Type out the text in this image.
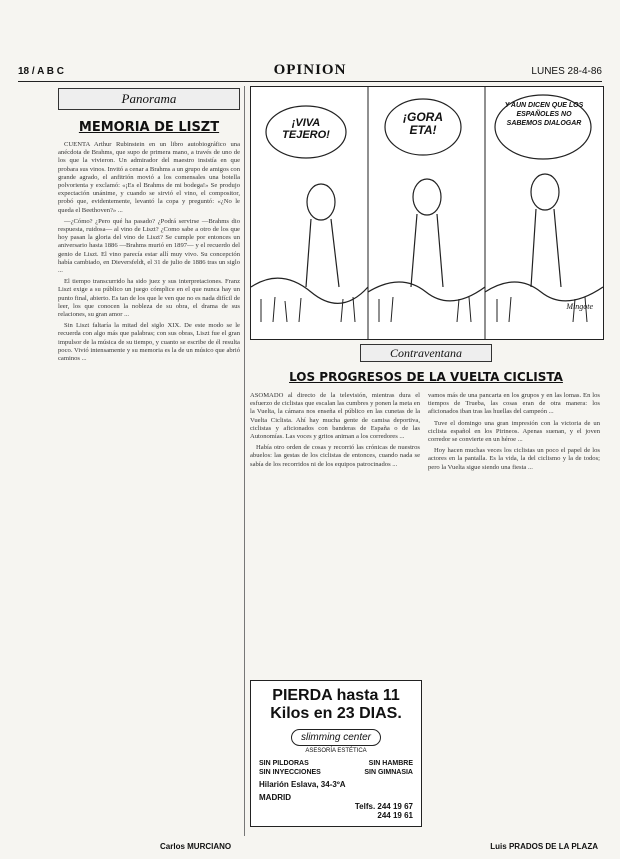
18 / A B C	OPINION	LUNES 28-4-86
Panorama
MEMORIA DE LISZT

CUENTA Arthur Rubinstein en un libro autobiográfico una anécdota de Brahms, que supo de primera mano, a través de uno de los que la vivieron. Un admirador del maestro insistía en que probara sus vinos. Invitó a cenar a Brahms a un grupo de amigos con grande agrado, el anfitrión movió a los comensales una botella polvorienta y exclamó: «¡Es el Brahms de mi bodega!» Se produjo expectación unánime, y cuando se sirvió el vino, el compositor, probó que, evidentemente, levantó la copa y preguntó: «¿No le queda el Beethoven?» ...

—¿Cómo? ¿Pero qué ha pasado? ¿Podrá servirse —Brahms dio respuesta, ruidosa— al vino de Liszt? ¿Como sabe a otro de los que hoy pasan la gloria del vino de Liszt? Se cumple por entonces un aniversario hasta 1886 —Brahms murió en 1897— y el recuerdo del genio de Liszt. El vino parecía estar allí muy vivo. Su concepción había cambiado, en Dieversfeldt, el 31 de julio de 1886 tras un siglo ...

El tiempo transcurrido ha sido juez y sus interpretaciones. Franz Liszt exige a su público un juego cómplice en el que nunca hay un punto final, abierto. Es tan de los que le ven que no es nada difícil de leer, los que conocen la nobleza de su obra, el drama de sus relaciones, su gran amor ...

Sin Liszt faltaría la mitad del siglo XIX. De este modo se le recuerda con algo más que palabras; con sus obras, Liszt fue el gran impulsor de la música de su tiempo, y cuanto se escribe de él resulta poco. Vivió intensamente y su memoria es la de un músico que abrió caminos ...

Carlos MURCIANO
¡VIVA TEJERO!
¡GORA ETA!
Y AUN DICEN QUE LOS ESPAÑOLES NO SABEMOS DIALOGAR
Mingote
Contraventana
LOS PROGRESOS DE LA VUELTA CICLISTA

ASOMADO al directo de la televisión, mientras dura el esfuerzo de ciclistas que escalan las cumbres y ponen la meta en la Vuelta, la cámara nos enseña el público en las cunetas de la Vuelta Ciclista. Ahí hay mucha gente de camisa deportiva, ciclistas y aficionados con banderas de España o de las Autonomías. Las voces y gritos animan a los corredores ...

Había otro orden de cosas y recorrió las crónicas de nuestros abuelos: las gestas de los ciclistas de entonces, cuando nada se sabía de los recorridos ni de los equipos patrocinados ...

vamos más de una pancarta en los grupos y en las lomas. En los tiempos de Trueba, las cosas eran de otra manera: los aficionados iban tras las huellas del campeón ...

Tuve el domingo una gran impresión con la victoria de un ciclista español en los Pirineos. Apenas suenan, y el joven corredor se convierte en un héroe ...

Hoy hacen muchas veces los ciclistas un poco el papel de los actores en la pantalla. Es la vida, la del ciclismo y la de todos; pero la Vuelta sigue siendo una fiesta ...

PIERDA hasta 11
Kilos en 23 DIAS.
slimming center
ASESORÍA ESTÉTICA
SIN PILDORAS	SIN HAMBRE
SIN INYECCIONES	SIN GIMNASIA
Hilarión Eslava, 34-3ºA
MADRID
Telfs. 244 19 67
244 19 61
Luis PRADOS DE LA PLAZA
